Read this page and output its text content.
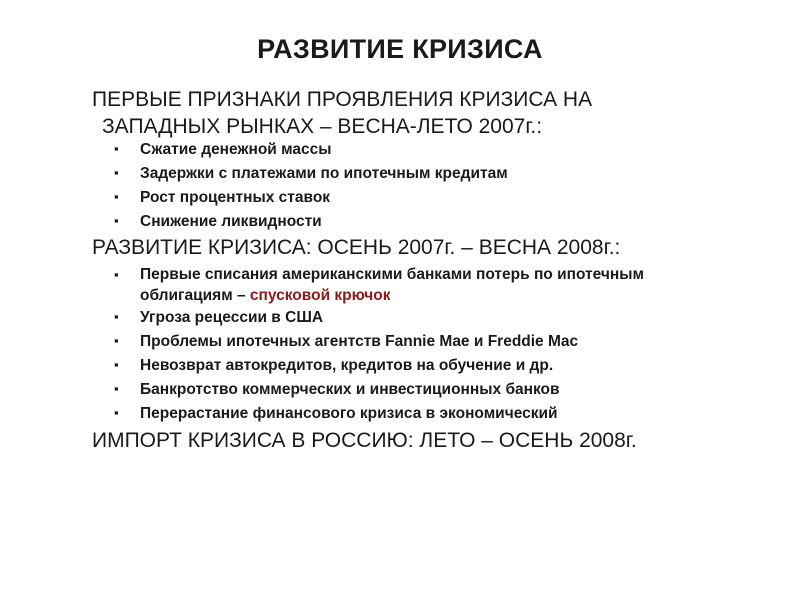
РАЗВИТИЕ КРИЗИСА
ПЕРВЫЕ ПРИЗНАКИ ПРОЯВЛЕНИЯ КРИЗИСА НА
ЗАПАДНЫХ РЫНКАХ – ВЕСНА-ЛЕТО 2007г.:
▪ Сжатие денежной массы
▪ Задержки с платежами по ипотечным кредитам
▪ Рост процентных ставок
▪ Снижение ликвидности
РАЗВИТИЕ КРИЗИСА: ОСЕНЬ 2007г. – ВЕСНА 2008г.:
▪ Первые списания американскими банками потерь по ипотечным
облигациям – спусковой крючок
▪ Угроза рецессии в США
▪ Проблемы ипотечных агентств Fannie Mae и Freddie Mac
▪ Невозврат автокредитов, кредитов на обучение и др.
▪ Банкротство коммерческих и инвестиционных банков
▪ Перерастание финансового кризиса в экономический
ИМПОРТ КРИЗИСА В РОССИЮ: ЛЕТО – ОСЕНЬ 2008г.
